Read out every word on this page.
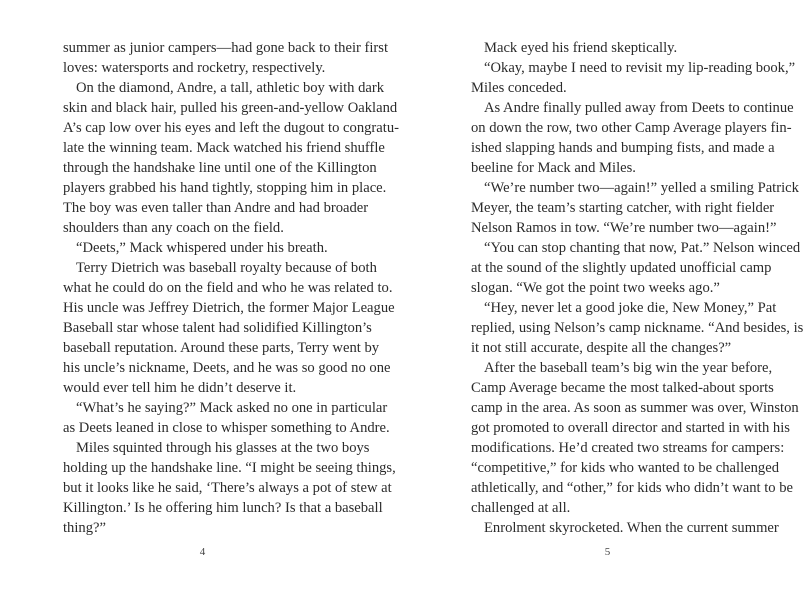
summer as junior campers—had gone back to their first
loves: watersports and rocketry, respectively.
On the diamond, Andre, a tall, athletic boy with dark
skin and black hair, pulled his green-and-yellow Oakland
A’s cap low over his eyes and left the dugout to congratu-
late the winning team. Mack watched his friend shuffle
through the handshake line until one of the Killington
players grabbed his hand tightly, stopping him in place.
The boy was even taller than Andre and had broader
shoulders than any coach on the field.
“Deets,” Mack whispered under his breath.
Terry Dietrich was baseball royalty because of both
what he could do on the field and who he was related to.
His uncle was Jeffrey Dietrich, the former Major League
Baseball star whose talent had solidified Killington’s
baseball reputation. Around these parts, Terry went by
his uncle’s nickname, Deets, and he was so good no one
would ever tell him he didn’t deserve it.
“What’s he saying?” Mack asked no one in particular
as Deets leaned in close to whisper something to Andre.
Miles squinted through his glasses at the two boys
holding up the handshake line. “I might be seeing things,
but it looks like he said, ‘There’s always a pot of stew at
Killington.’ Is he offering him lunch? Is that a baseball
thing?”
4
Mack eyed his friend skeptically.
“Okay, maybe I need to revisit my lip-reading book,”
Miles conceded.
As Andre finally pulled away from Deets to continue
on down the row, two other Camp Average players fin-
ished slapping hands and bumping fists, and made a
beeline for Mack and Miles.
“We’re number two—again!” yelled a smiling Patrick
Meyer, the team’s starting catcher, with right fielder
Nelson Ramos in tow. “We’re number two—again!”
“You can stop chanting that now, Pat.” Nelson winced
at the sound of the slightly updated unofficial camp
slogan. “We got the point two weeks ago.”
“Hey, never let a good joke die, New Money,” Pat
replied, using Nelson’s camp nickname. “And besides, is
it not still accurate, despite all the changes?”
After the baseball team’s big win the year before,
Camp Average became the most talked-about sports
camp in the area. As soon as summer was over, Winston
got promoted to overall director and started in with his
modifications. He’d created two streams for campers:
“competitive,” for kids who wanted to be challenged
athletically, and “other,” for kids who didn’t want to be
challenged at all.
Enrolment skyrocketed. When the current summer
5
